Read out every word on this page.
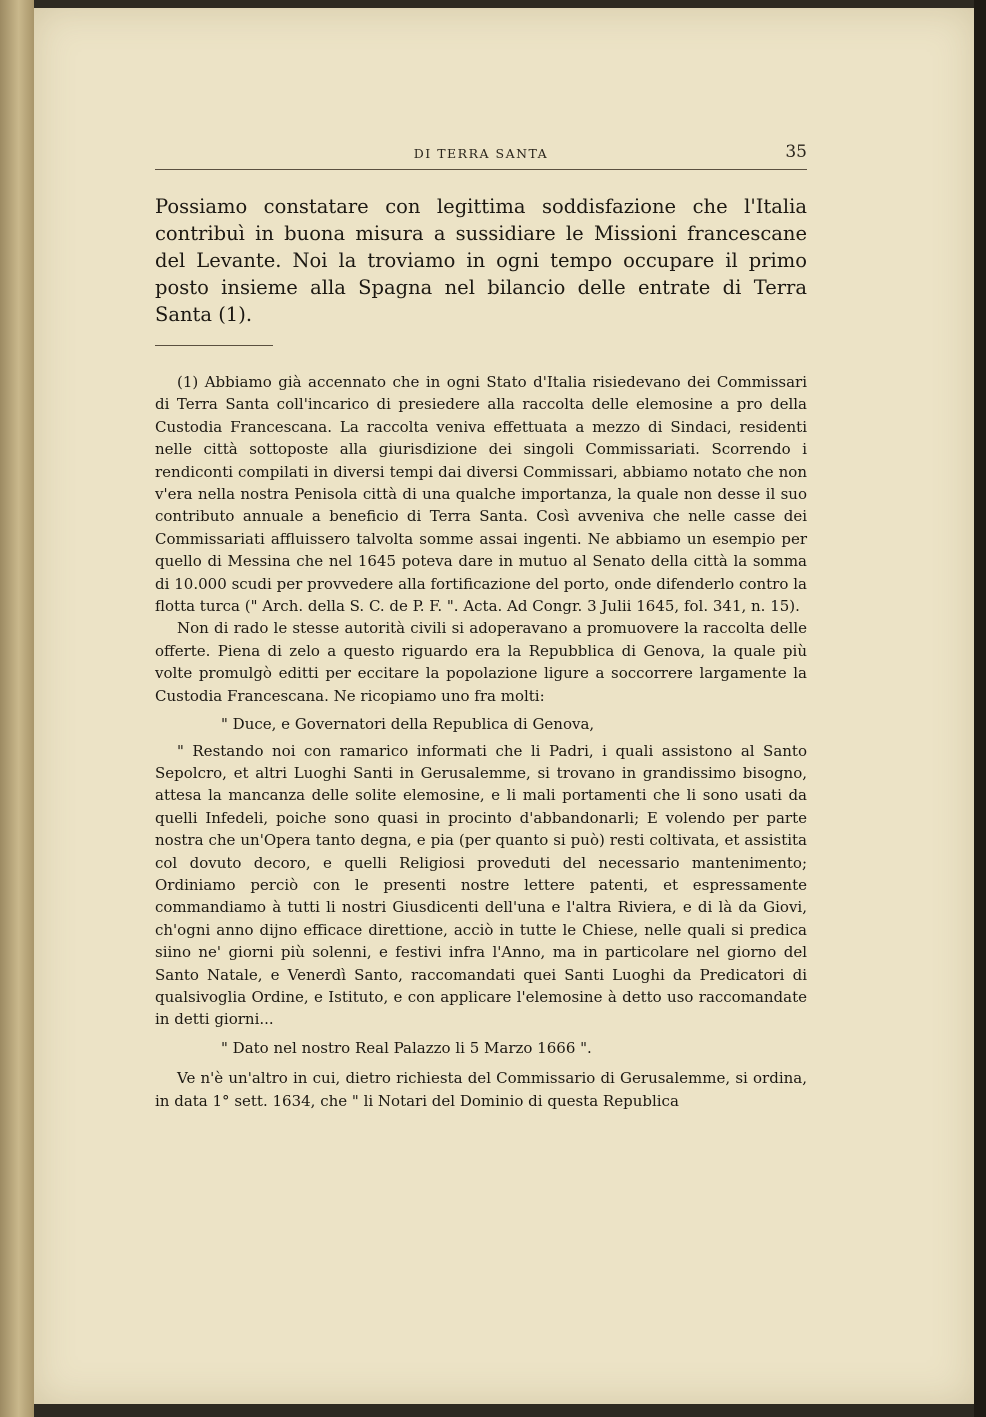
DI TERRA SANTA	35

Possiamo constatare con legittima soddisfazione che l'Italia contribuì in buona misura a sussidiare le Missioni francescane del Levante. Noi la troviamo in ogni tempo occupare il primo posto insieme alla Spagna nel bilancio delle entrate di Terra Santa (1).

(1) Abbiamo già accennato che in ogni Stato d'Italia risiedevano dei Commissari di Terra Santa coll'incarico di presiedere alla raccolta delle elemosine a pro della Custodia Francescana. La raccolta veniva effettuata a mezzo di Sindaci, residenti nelle città sottoposte alla giurisdizione dei singoli Commissariati. Scorrendo i rendiconti compilati in diversi tempi dai diversi Commissari, abbiamo notato che non v'era nella nostra Penisola città di una qualche importanza, la quale non desse il suo contributo annuale a beneficio di Terra Santa. Così avveniva che nelle casse dei Commissariati affluissero talvolta somme assai ingenti. Ne abbiamo un esempio per quello di Messina che nel 1645 poteva dare in mutuo al Senato della città la somma di 10.000 scudi per provvedere alla fortificazione del porto, onde difenderlo contro la flotta turca (" Arch. della S. C. de P. F. ". Acta. Ad Congr. 3 Julii 1645, fol. 341, n. 15).

Non di rado le stesse autorità civili si adoperavano a promuovere la raccolta delle offerte. Piena di zelo a questo riguardo era la Repubblica di Genova, la quale più volte promulgò editti per eccitare la popolazione ligure a soccorrere largamente la Custodia Francescana. Ne ricopiamo uno fra molti:

" Duce, e Governatori della Republica di Genova,

" Restando noi con ramarico informati che li Padri, i quali assistono al Santo Sepolcro, et altri Luoghi Santi in Gerusalemme, si trovano in grandissimo bisogno, attesa la mancanza delle solite elemosine, e li mali portamenti che li sono usati da quelli Infedeli, poiche sono quasi in procinto d'abbandonarli; E volendo per parte nostra che un'Opera tanto degna, e pia (per quanto si può) resti coltivata, et assistita col dovuto decoro, e quelli Religiosi proveduti del necessario mantenimento; Ordiniamo perciò con le presenti nostre lettere patenti, et espressamente commandiamo à tutti li nostri Giusdicenti dell'una e l'altra Riviera, e di là da Giovi, ch'ogni anno dijno efficace direttione, acciò in tutte le Chiese, nelle quali si predica siino ne' giorni più solenni, e festivi infra l'Anno, ma in particolare nel giorno del Santo Natale, e Venerdì Santo, raccomandati quei Santi Luoghi da Predicatori di qualsivoglia Ordine, e Istituto, e con applicare l'elemosine à detto uso raccomandate in detti giorni...

" Dato nel nostro Real Palazzo li 5 Marzo 1666 ".

Ve n'è un'altro in cui, dietro richiesta del Commissario di Gerusalemme, si ordina, in data 1° sett. 1634, che " li Notari del Dominio di questa Republica
